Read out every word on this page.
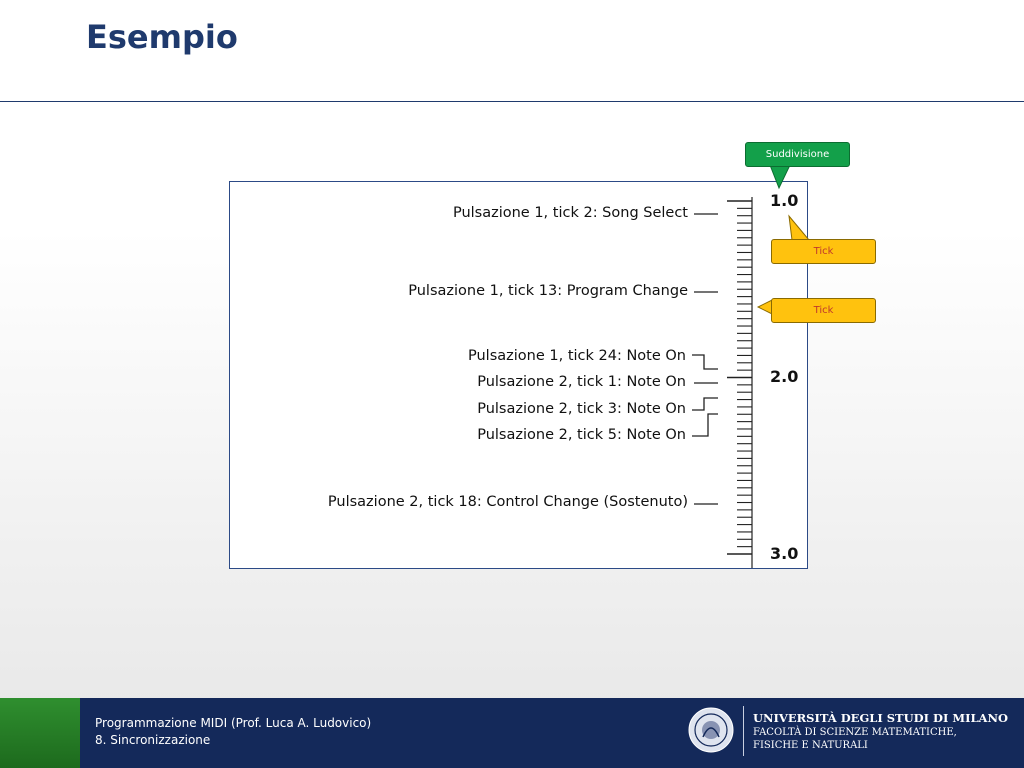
Esempio
1.0
2.0
3.0
Pulsazione 1, tick 2: Song Select
Pulsazione 1, tick 13: Program Change
Pulsazione 1, tick 24: Note On
Pulsazione 2, tick 1: Note On
Pulsazione 2, tick 3: Note On
Pulsazione 2, tick 5: Note On
Pulsazione 2, tick 18: Control Change (Sostenuto)
Suddivisione
Tick
Tick
Programmazione MIDI (Prof. Luca A. Ludovico)
8. Sincronizzazione
UNIVERSITÀ DEGLI STUDI DI MILANO
FACOLTÀ DI SCIENZE MATEMATICHE,
FISICHE E NATURALI
